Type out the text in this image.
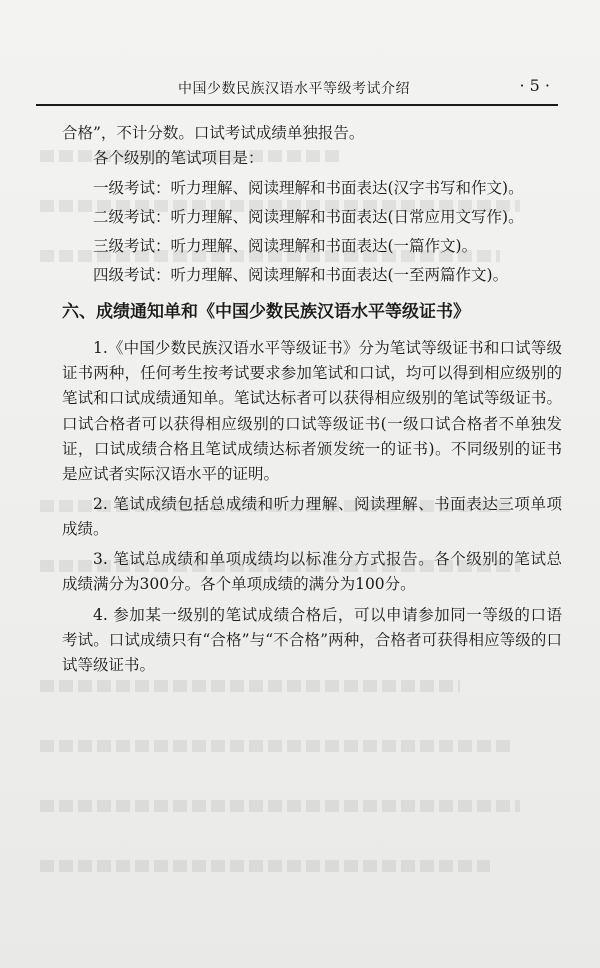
中国少数民族汉语水平等级考试介绍	· 5 ·
合格”，不计分数。口试考试成绩单独报告。
各个级别的笔试项目是：
一级考试：听力理解、阅读理解和书面表达(汉字书写和作文)。
二级考试：听力理解、阅读理解和书面表达(日常应用文写作)。
三级考试：听力理解、阅读理解和书面表达(一篇作文)。
四级考试：听力理解、阅读理解和书面表达(一至两篇作文)。
六、成绩通知单和《中国少数民族汉语水平等级证书》
1.《中国少数民族汉语水平等级证书》分为笔试等级证书和口试等级证书两种，任何考生按考试要求参加笔试和口试，均可以得到相应级别的笔试和口试成绩通知单。笔试达标者可以获得相应级别的笔试等级证书。口试合格者可以获得相应级别的口试等级证书(一级口试合格者不单独发证，口试成绩合格且笔试成绩达标者颁发统一的证书)。不同级别的证书是应试者实际汉语水平的证明。
2. 笔试成绩包括总成绩和听力理解、阅读理解、书面表达三项单项成绩。
3. 笔试总成绩和单项成绩均以标准分方式报告。各个级别的笔试总成绩满分为300分。各个单项成绩的满分为100分。
4. 参加某一级别的笔试成绩合格后，可以申请参加同一等级的口语考试。口试成绩只有“合格”与“不合格”两种，合格者可获得相应等级的口试等级证书。
